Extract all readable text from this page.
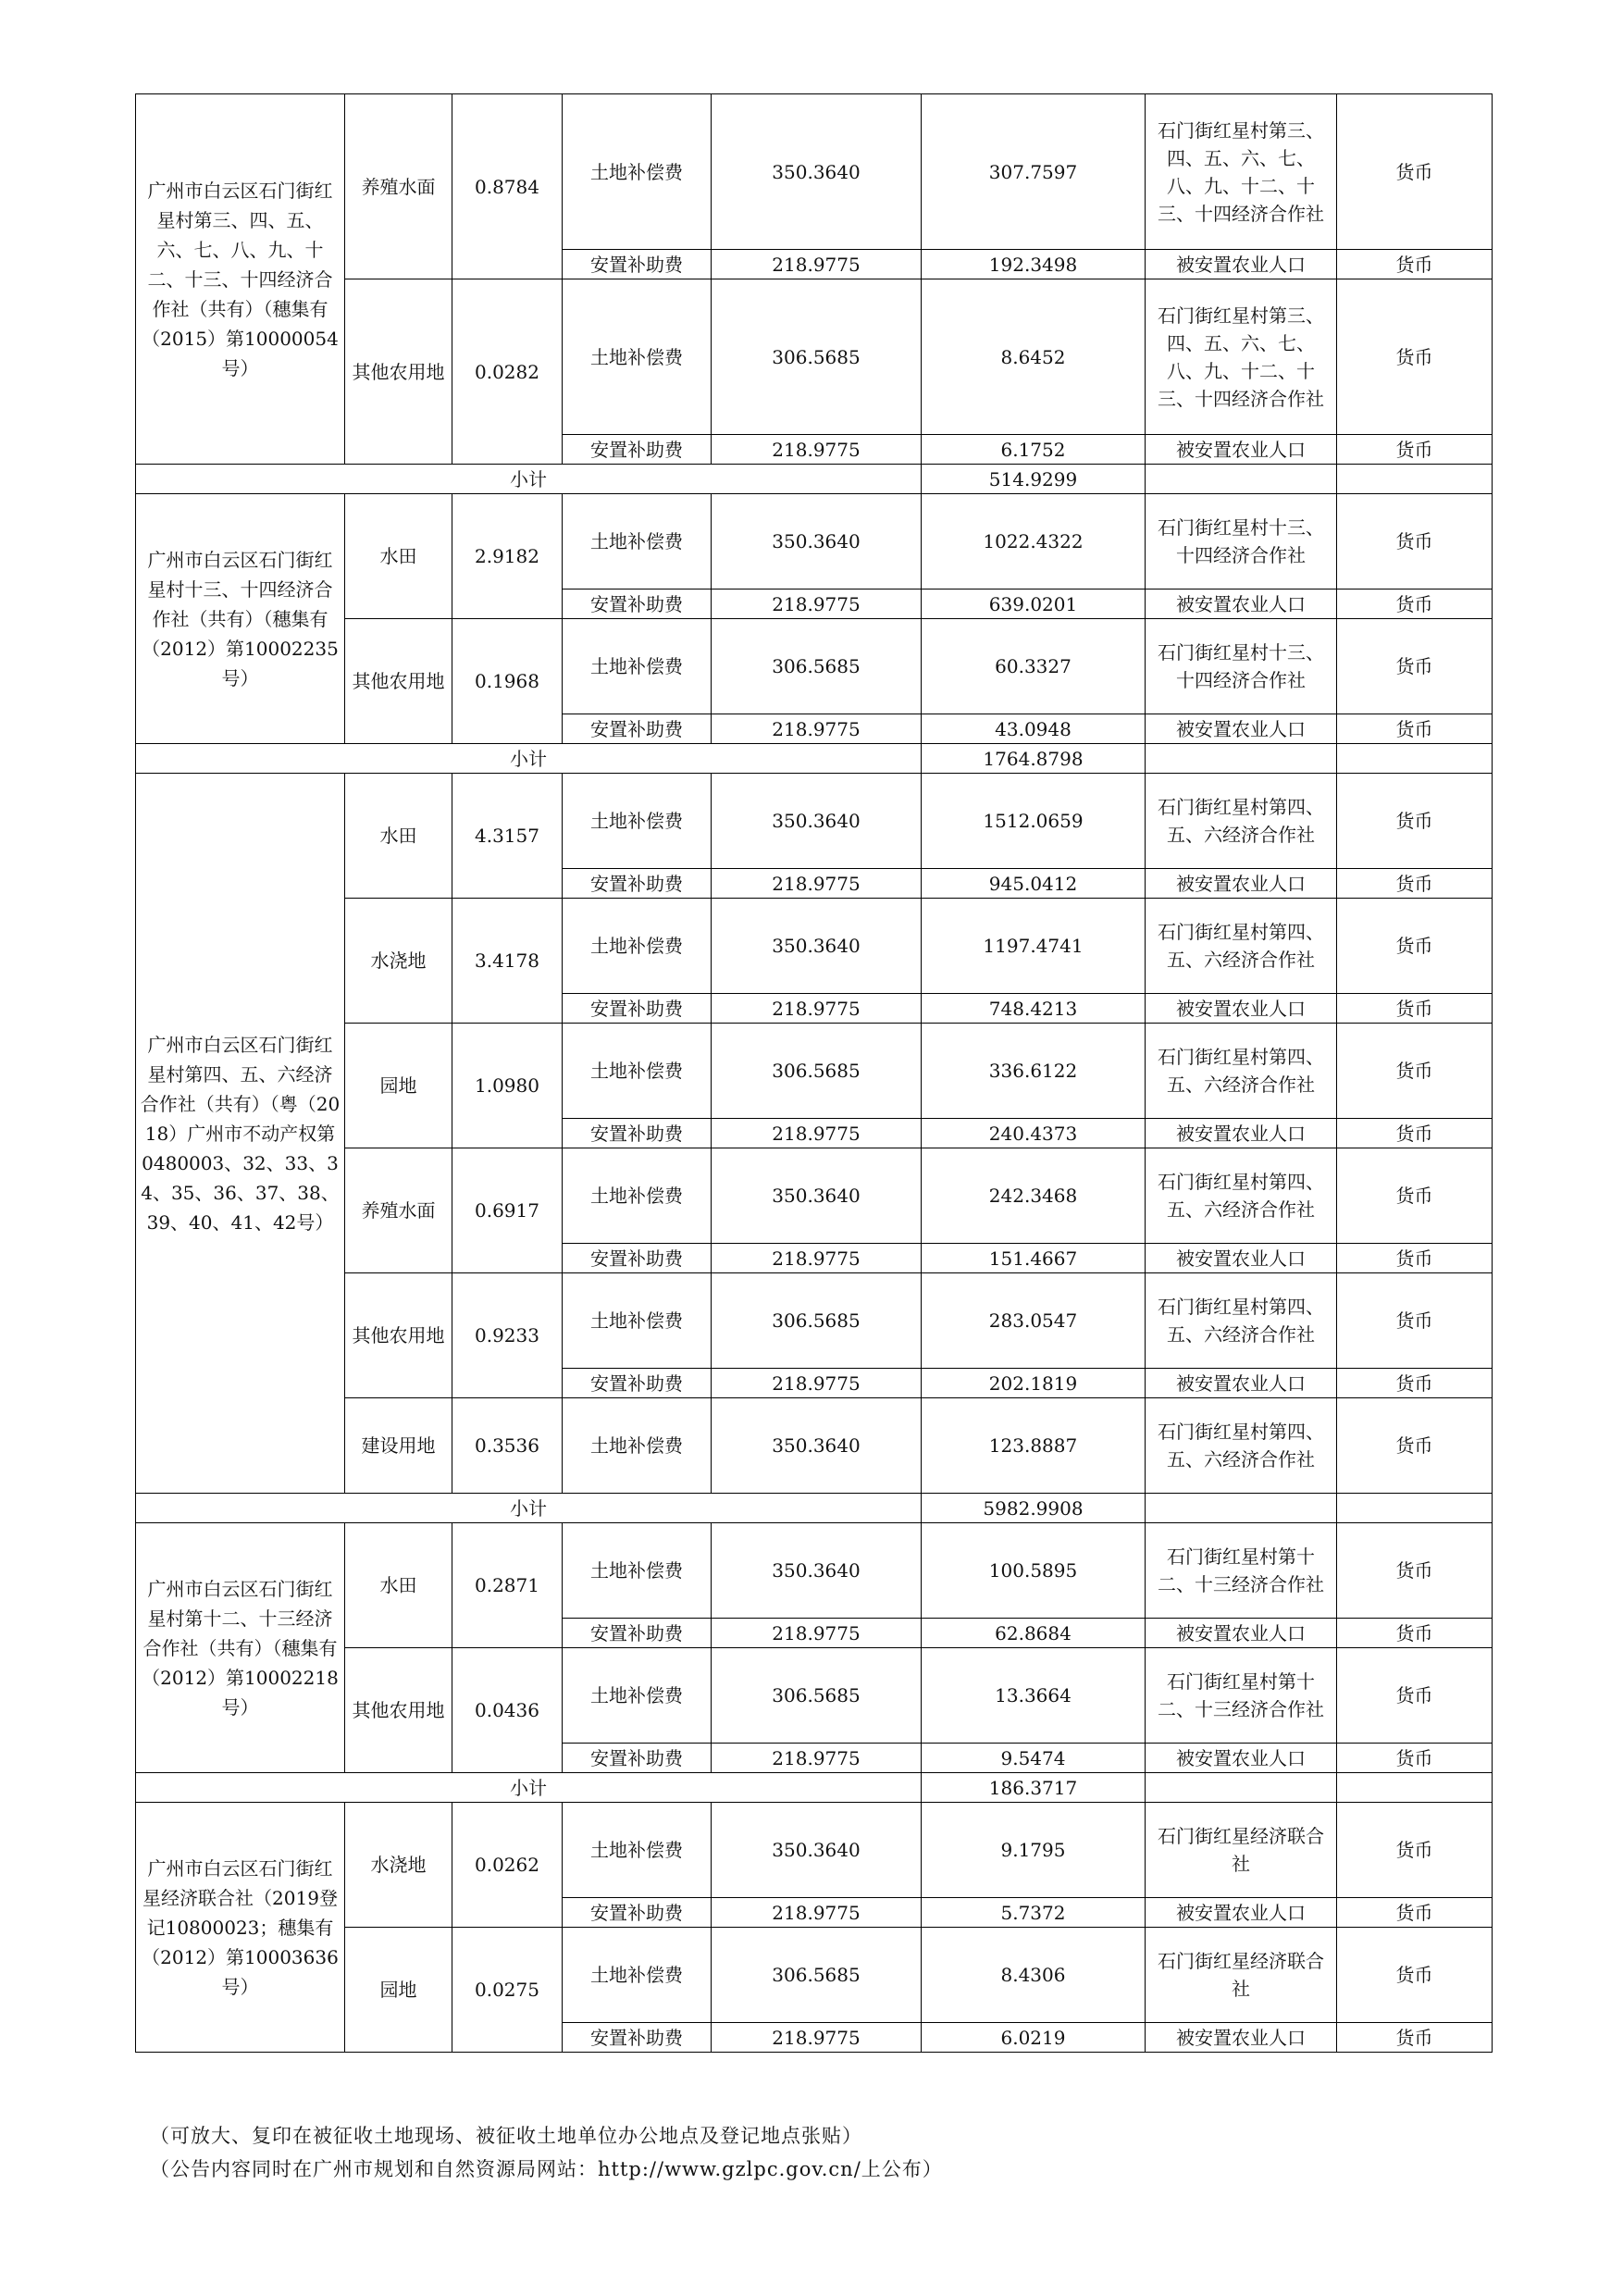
广州市白云区石门街红星村第三、四、五、六、七、八、九、十二、十三、十四经济合作社（共有）（穗集有（2015）第10000054号）	养殖水面	0.8784	土地补偿费	350.3640	307.7597	石门街红星村第三、四、五、六、七、八、九、十二、十三、十四经济合作社	货币
			安置补助费	218.9775	192.3498	被安置农业人口	货币
	其他农用地	0.0282	土地补偿费	306.5685	8.6452	石门街红星村第三、四、五、六、七、八、九、十二、十三、十四经济合作社	货币
			安置补助费	218.9775	6.1752	被安置农业人口	货币
小计					514.9299		
广州市白云区石门街红星村十三、十四经济合作社（共有）（穗集有（2012）第10002235号）	水田	2.9182	土地补偿费	350.3640	1022.4322	石门街红星村十三、十四经济合作社	货币
			安置补助费	218.9775	639.0201	被安置农业人口	货币
	其他农用地	0.1968	土地补偿费	306.5685	60.3327	石门街红星村十三、十四经济合作社	货币
			安置补助费	218.9775	43.0948	被安置农业人口	货币
小计					1764.8798		
广州市白云区石门街红星村第四、五、六经济合作社（共有）（粤（2018）广州市不动产权第0480003、32、33、34、35、36、37、38、39、40、41、42号）	水田	4.3157	土地补偿费	350.3640	1512.0659	石门街红星村第四、五、六经济合作社	货币
			安置补助费	218.9775	945.0412	被安置农业人口	货币
	水浇地	3.4178	土地补偿费	350.3640	1197.4741	石门街红星村第四、五、六经济合作社	货币
			安置补助费	218.9775	748.4213	被安置农业人口	货币
	园地	1.0980	土地补偿费	306.5685	336.6122	石门街红星村第四、五、六经济合作社	货币
			安置补助费	218.9775	240.4373	被安置农业人口	货币
	养殖水面	0.6917	土地补偿费	350.3640	242.3468	石门街红星村第四、五、六经济合作社	货币
			安置补助费	218.9775	151.4667	被安置农业人口	货币
	其他农用地	0.9233	土地补偿费	306.5685	283.0547	石门街红星村第四、五、六经济合作社	货币
			安置补助费	218.9775	202.1819	被安置农业人口	货币
	建设用地	0.3536	土地补偿费	350.3640	123.8887	石门街红星村第四、五、六经济合作社	货币
小计					5982.9908		
广州市白云区石门街红星村第十二、十三经济合作社（共有）（穗集有（2012）第10002218号）	水田	0.2871	土地补偿费	350.3640	100.5895	石门街红星村第十二、十三经济合作社	货币
			安置补助费	218.9775	62.8684	被安置农业人口	货币
	其他农用地	0.0436	土地补偿费	306.5685	13.3664	石门街红星村第十二、十三经济合作社	货币
			安置补助费	218.9775	9.5474	被安置农业人口	货币
小计					186.3717		
广州市白云区石门街红星经济联合社（2019登记10800023；穗集有（2012）第10003636号）	水浇地	0.0262	土地补偿费	350.3640	9.1795	石门街红星经济联合社	货币
			安置补助费	218.9775	5.7372	被安置农业人口	货币
	园地	0.0275	土地补偿费	306.5685	8.4306	石门街红星经济联合社	货币
			安置补助费	218.9775	6.0219	被安置农业人口	货币
（可放大、复印在被征收土地现场、被征收土地单位办公地点及登记地点张贴）
（公告内容同时在广州市规划和自然资源局网站：http://www.gzlpc.gov.cn/上公布）
